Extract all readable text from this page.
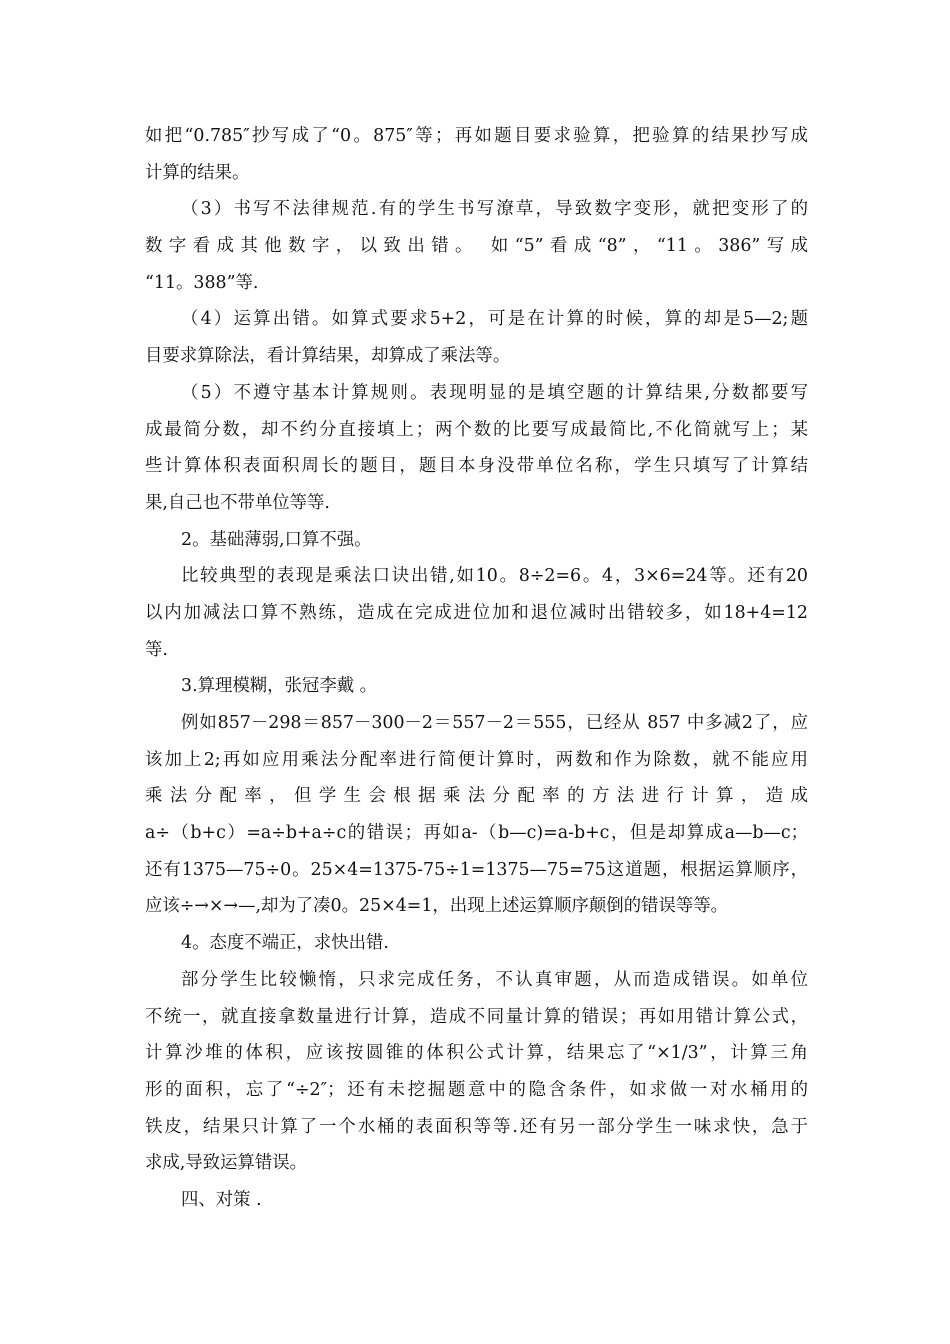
如把“0.785″抄写成了“0。875″等；再如题目要求验算，把验算的结果抄写成
计算的结果。
（3）书写不法律规范.有的学生书写潦草，导致数字变形，就把变形了的
数字看成其他数字，以致出错。 如“5”看成“8”，“11。386”写成
“11。388”等.
（4）运算出错。如算式要求5+2，可是在计算的时候，算的却是5—2;题
目要求算除法，看计算结果，却算成了乘法等。
（5）不遵守基本计算规则。表现明显的是填空题的计算结果,分数都要写
成最简分数，却不约分直接填上；两个数的比要写成最简比,不化简就写上；某
些计算体积表面积周长的题目，题目本身没带单位名称，学生只填写了计算结
果,自己也不带单位等等.
2。基础薄弱,口算不强。
比较典型的表现是乘法口诀出错,如10。8÷2=6。4，3×6=24等。还有20
以内加减法口算不熟练，造成在完成进位加和退位减时出错较多，如18+4=12
等.
3.算理模糊，张冠李戴 。
例如857－298＝857－300－2＝557－2＝555，已经从 857 中多减2了，应
该加上2;再如应用乘法分配率进行简便计算时，两数和作为除数，就不能应用
乘法分配率，但学生会根据乘法分配率的方法进行计算，造成
a÷（b+c）=a÷b+a÷c的错误；再如a-（b—c)=a-b+c，但是却算成a—b—c；
还有1375—75÷0。25×4=1375-75÷1=1375—75=75这道题，根据运算顺序，
应该÷→×→—,却为了凑0。25×4=1，出现上述运算顺序颠倒的错误等等。
4。态度不端正，求快出错.
部分学生比较懒惰，只求完成任务，不认真审题，从而造成错误。如单位
不统一，就直接拿数量进行计算，造成不同量计算的错误；再如用错计算公式，
计算沙堆的体积，应该按圆锥的体积公式计算，结果忘了“×1/3”，计算三角
形的面积，忘了“÷2″；还有未挖掘题意中的隐含条件，如求做一对水桶用的
铁皮，结果只计算了一个水桶的表面积等等.还有另一部分学生一味求快，急于
求成,导致运算错误。
四、对策 .
